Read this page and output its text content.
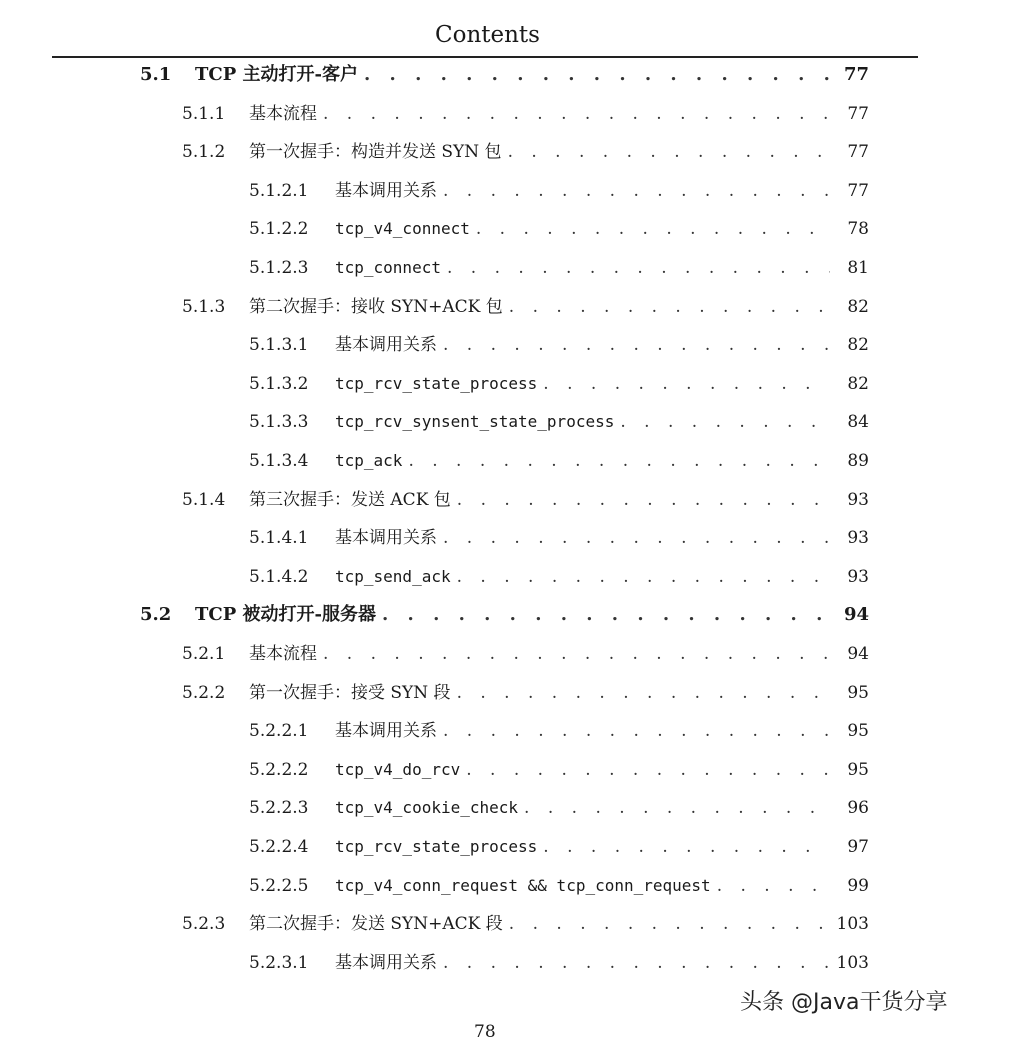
Contents
5.1 TCP 主动打开-客户 . . .	77
5.1.1 基本流程 . . .	77
5.1.2 第一次握手：构造并发送 SYN 包 . . .	77
5.1.2.1 基本调用关系 . . .	77
5.1.2.2 tcp_v4_connect . . .	78
5.1.2.3 tcp_connect . . .	81
5.1.3 第二次握手：接收 SYN+ACK 包 . . .	82
5.1.3.1 基本调用关系 . . .	82
5.1.3.2 tcp_rcv_state_process . . .	82
5.1.3.3 tcp_rcv_synsent_state_process . . .	84
5.1.3.4 tcp_ack . . .	89
5.1.4 第三次握手：发送 ACK 包 . . .	93
5.1.4.1 基本调用关系 . . .	93
5.1.4.2 tcp_send_ack . . .	93
5.2 TCP 被动打开-服务器 . . .	94
5.2.1 基本流程 . . .	94
5.2.2 第一次握手：接受 SYN 段 . . .	95
5.2.2.1 基本调用关系 . . .	95
5.2.2.2 tcp_v4_do_rcv . . .	95
5.2.2.3 tcp_v4_cookie_check . . .	96
5.2.2.4 tcp_rcv_state_process . . .	97
5.2.2.5 tcp_v4_conn_request && tcp_conn_request . . .	99
5.2.3 第二次握手：发送 SYN+ACK 段 . . .	103
5.2.3.1 基本调用关系 . . .	103
头条 @Java干货分享
78
